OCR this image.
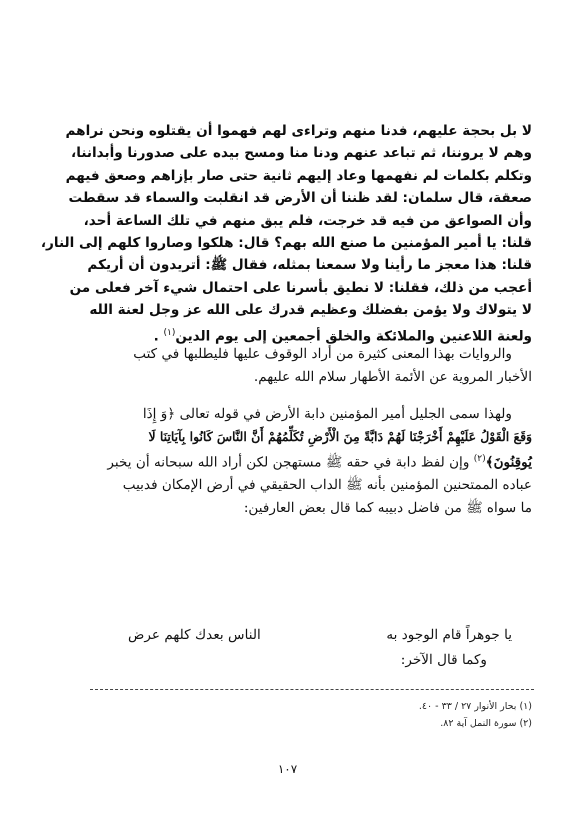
لا بل بحجة عليهم، فدنا منهم وتراءى لهم فهموا أن يقتلوه ونحن نراهم
وهم لا يروننا، ثم تباعد عنهم ودنا منا ومسح بيده على صدورنا وأبداننا،
وتكلم بكلمات لم نفهمها وعاد إليهم ثانية حتى صار بإزاهم وصعق فيهم
صعقة، قال سلمان: لقد ظننا أن الأرض قد انقلبت والسماء قد سقطت
وأن الصواعق من فيه قد خرجت، فلم يبق منهم في تلك الساعة أحد،
قلنا: يا أمير المؤمنين ما صنع الله بهم؟ قال: هلكوا وصاروا كلهم إلى النار،
قلنا: هذا معجز ما رأينا ولا سمعنا بمثله، فقال ﷺ: أتريدون أن أريكم
أعجب من ذلك، فقلنا: لا نطيق بأسرنا على احتمال شيء آخر فعلى من
لا يتولاك ولا يؤمن بفضلك وعظيم قدرك على الله عز وجل لعنة الله
ولعنة اللاعنين والملائكة والخلق أجمعين إلى يوم الدين$^{(١)}$ .
والروايات بهذا المعنى كثيرة من أراد الوقوف عليها فليطلبها في كتب
الأخبار المروية عن الأئمة الأطهار سلام الله عليهم.
ولهذا سمى الجليل أمير المؤمنين دابة الأرض في قوله تعالى ﴿وَ إِذَا
وَقَعَ الْقَوْلُ عَلَيْهِمْ أَخْرَجْنَا لَهُمْ دَابَّةً مِنَ الْأَرْضِ تُكَلِّمُهُمْ أَنَّ النَّاسَ كَانُوا بِآيَاتِنَا لَا
يُوقِنُونَ﴾$^{(٢)}$ وإن لفظ دابة في حقه ﷺ مستهجن لكن أراد الله سبحانه أن يخبر
عباده الممتحنين المؤمنين بأنه ﷺ الداب الحقيقي في أرض الإمكان فدبيب
ما سواه ﷺ من فاضل دبيبه كما قال بعض العارفين:
يا جوهراً قام الوجود به
الناس بعدك كلهم عرض
وكما قال الآخر:
(١) بحار الأنوار ٢٧ / ٣٣ - ٤٠.
(٢) سورة النمل آية ٨٢.
١٠٧
